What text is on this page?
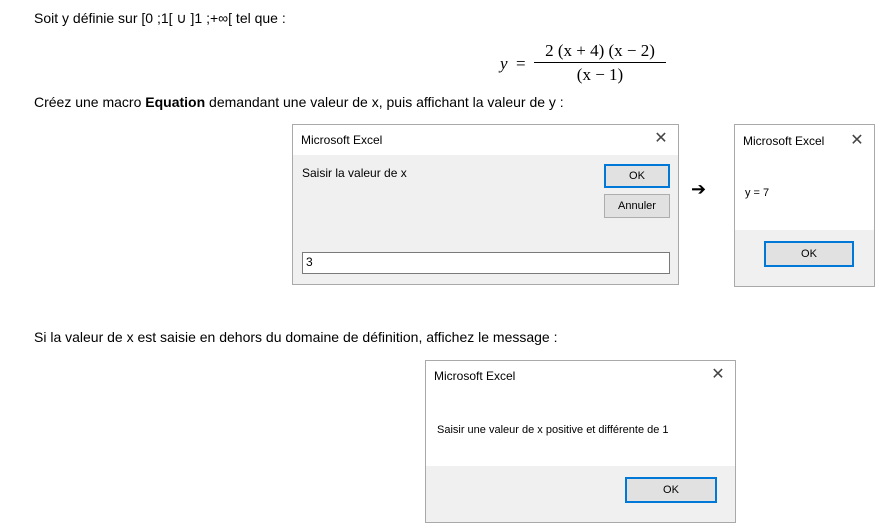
Soit y définie sur [0 ;1[ ∪ ]1 ;+∞[ tel que :
y =
2 (x + 4) (x − 2)
(x − 1)
Créez une macro Equation demandant une valeur de x, puis affichant la valeur de y :
Microsoft Excel	✕
Saisir la valeur de x	OK
Annuler
3
➔
Microsoft Excel ✕
y = 7
OK
Si la valeur de x est saisie en dehors du domaine de définition, affichez le message :
Microsoft Excel	✕
Saisir une valeur de x positive et différente de 1
OK
